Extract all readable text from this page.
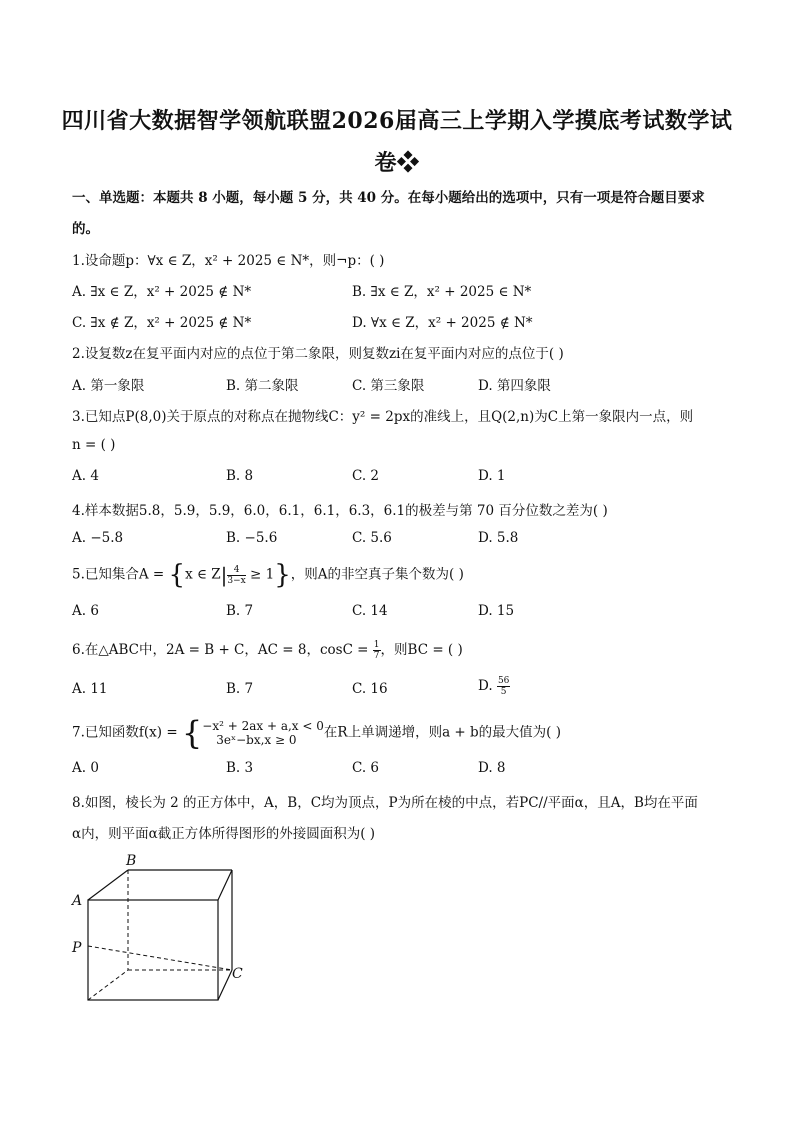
四川省大数据智学领航联盟2026届高三上学期入学摸底考试数学试
卷❖
一、单选题：本题共 8 小题，每小题 5 分，共 40 分。在每小题给出的选项中，只有一项是符合题目要求
的。
1.设命题p：∀x ∈ Z，x² + 2025 ∈ N*，则¬p：( )
A. ∃x ∈ Z，x² + 2025 ∉ N*	B. ∃x ∈ Z，x² + 2025 ∈ N*
C. ∃x ∉ Z，x² + 2025 ∉ N*	D. ∀x ∈ Z，x² + 2025 ∉ N*
2.设复数z在复平面内对应的点位于第二象限，则复数zi在复平面内对应的点位于( )
A. 第一象限	B. 第二象限	C. 第三象限	D. 第四象限
3.已知点P(8,0)关于原点的对称点在抛物线C：y² = 2px的准线上，且Q(2,n)为C上第一象限内一点，则
n = ( )
A. 4	B. 8	C. 2	D. 1
4.样本数据5.8，5.9，5.9，6.0，6.1，6.1，6.3，6.1的极差与第 70 百分位数之差为( )
A. −5.8	B. −5.6	C. 5.6	D. 5.8
5.已知集合A = {x ∈ $Z| \frac{4}{3-x} \ge 1$}，则A的非空真子集个数为( )
A. 6	B. 7	C. 14	D. 15
6.在△ABC中，2A = B + C，AC = 8，$\cos C = \frac{1}{7}$ ，则BC = ( )
A. 11	B. 7	C. 16	D. $\frac{56}{5}$
7.已知函数f(x) = { −x² + 2ax + a,x < 0
3eˣ−bx,x ≥ 0	在R上单调递增，则a + b的最大值为( )
A. 0	B. 3	C. 6	D. 8
8.如图，棱长为 2 的正方体中，A，B，C均为顶点，P为所在棱的中点，若PC//平面α，且A，B均在平面
α内，则平面α截正方体所得图形的外接圆面积为( )
B
A
P
C
